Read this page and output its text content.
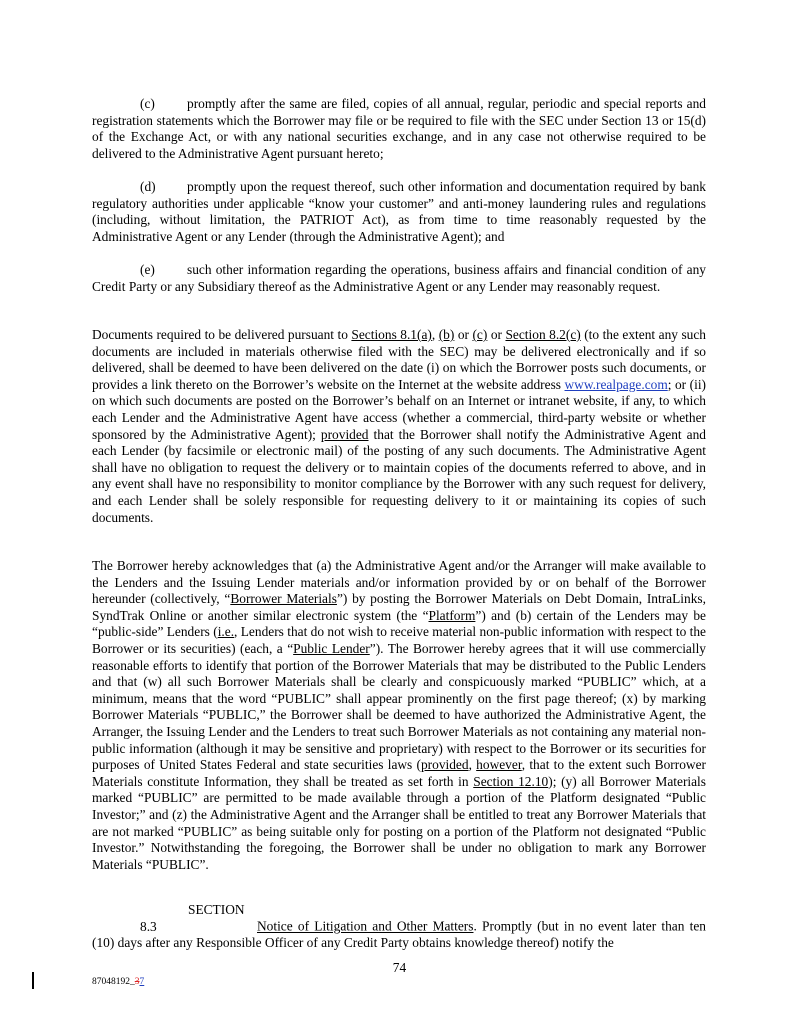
(c) promptly after the same are filed, copies of all annual, regular, periodic and special reports and registration statements which the Borrower may file or be required to file with the SEC under Section 13 or 15(d) of the Exchange Act, or with any national securities exchange, and in any case not otherwise required to be delivered to the Administrative Agent pursuant hereto;

(d) promptly upon the request thereof, such other information and documentation required by bank regulatory authorities under applicable “know your customer” and anti-money laundering rules and regulations (including, without limitation, the PATRIOT Act), as from time to time reasonably requested by the Administrative Agent or any Lender (through the Administrative Agent); and

(e) such other information regarding the operations, business affairs and financial condition of any Credit Party or any Subsidiary thereof as the Administrative Agent or any Lender may reasonably request.

Documents required to be delivered pursuant to Sections 8.1(a), (b) or (c) or Section 8.2(c) (to the extent any such documents are included in materials otherwise filed with the SEC) may be delivered electronically and if so delivered, shall be deemed to have been delivered on the date (i) on which the Borrower posts such documents, or provides a link thereto on the Borrower’s website on the Internet at the website address www.realpage.com; or (ii) on which such documents are posted on the Borrower’s behalf on an Internet or intranet website, if any, to which each Lender and the Administrative Agent have access (whether a commercial, third-party website or whether sponsored by the Administrative Agent); provided that the Borrower shall notify the Administrative Agent and each Lender (by facsimile or electronic mail) of the posting of any such documents. The Administrative Agent shall have no obligation to request the delivery or to maintain copies of the documents referred to above, and in any event shall have no responsibility to monitor compliance by the Borrower with any such request for delivery, and each Lender shall be solely responsible for requesting delivery to it or maintaining its copies of such documents.

The Borrower hereby acknowledges that (a) the Administrative Agent and/or the Arranger will make available to the Lenders and the Issuing Lender materials and/or information provided by or on behalf of the Borrower hereunder (collectively, “Borrower Materials”) by posting the Borrower Materials on Debt Domain, IntraLinks, SyndTrak Online or another similar electronic system (the “Platform”) and (b) certain of the Lenders may be “public-side” Lenders (i.e., Lenders that do not wish to receive material non-public information with respect to the Borrower or its securities) (each, a “Public Lender”). The Borrower hereby agrees that it will use commercially reasonable efforts to identify that portion of the Borrower Materials that may be distributed to the Public Lenders and that (w) all such Borrower Materials shall be clearly and conspicuously marked “PUBLIC” which, at a minimum, means that the word “PUBLIC” shall appear prominently on the first page thereof; (x) by marking Borrower Materials “PUBLIC,” the Borrower shall be deemed to have authorized the Administrative Agent, the Arranger, the Issuing Lender and the Lenders to treat such Borrower Materials as not containing any material non-public information (although it may be sensitive and proprietary) with respect to the Borrower or its securities for purposes of United States Federal and state securities laws (provided, however, that to the extent such Borrower Materials constitute Information, they shall be treated as set forth in Section 12.10); (y) all Borrower Materials marked “PUBLIC” are permitted to be made available through a portion of the Platform designated “Public Investor;” and (z) the Administrative Agent and the Arranger shall be entitled to treat any Borrower Materials that are not marked “PUBLIC” as being suitable only for posting on a portion of the Platform not designated “Public Investor.” Notwithstanding the foregoing, the Borrower shall be under no obligation to mark any Borrower Materials “PUBLIC”.

SECTION 8.3	Notice of Litigation and Other Matters. Promptly (but in no event later than ten (10) days after any Responsible Officer of any Credit Party obtains knowledge thereof) notify the

74
87048192_37
